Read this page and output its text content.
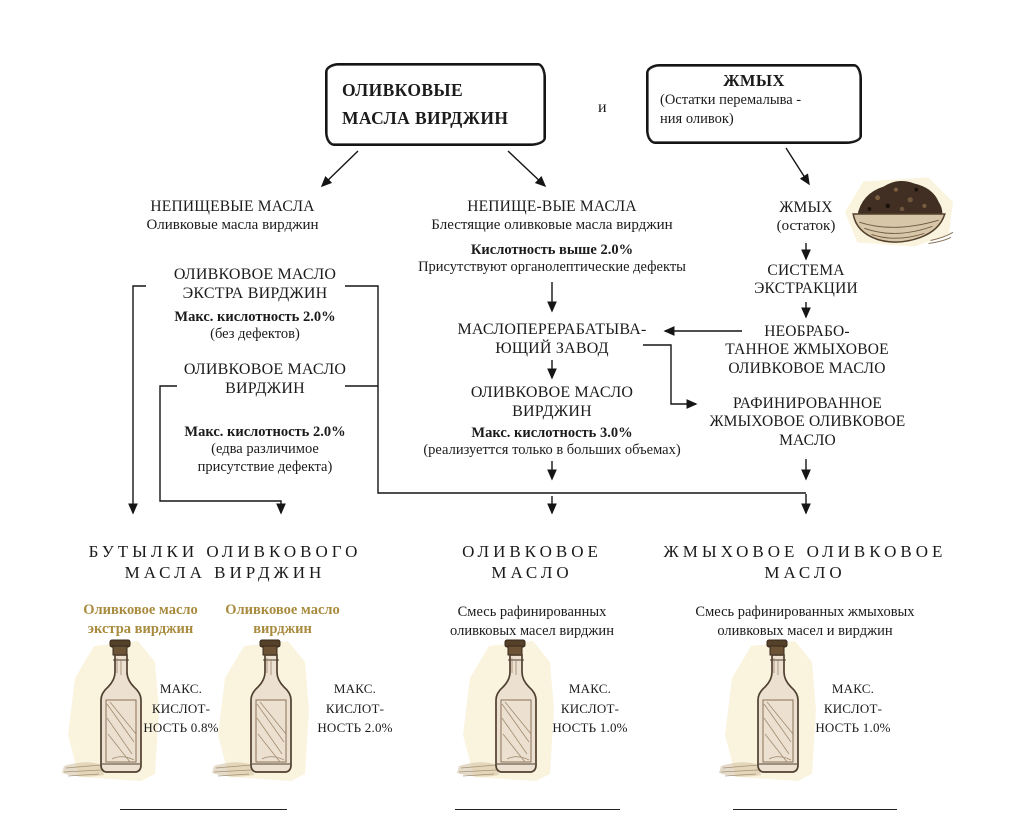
ОЛИВКОВЫЕ
МАСЛА ВИРДЖИН
и
ЖМЫХ
(Остатки перемалыва -
ния оливок)
НЕПИЩЕВЫЕ МАСЛА
Оливковые масла вирджин
НЕПИЩЕ-ВЫЕ МАСЛА
Блестящие оливковые масла вирджин
Кислотность выше 2.0%
Присутствуют органолептические дефекты
ЖМЫХ
(остаток)
ОЛИВКОВОЕ МАСЛО
ЭКСТРА ВИРДЖИН
Макс. кислотность 2.0%
(без дефектов)
ОЛИВКОВОЕ МАСЛО
ВИРДЖИН
Макс. кислотность 2.0%
(едва различимое
присутствие дефекта)
МАСЛОПЕРЕРАБАТЫВА-
ЮЩИЙ ЗАВОД
ОЛИВКОВОЕ МАСЛО
ВИРДЖИН
Макс. кислотность 3.0%
(реализуеттся только в больших объемах)
СИСТЕМА
ЭКСТРАКЦИИ
НЕОБРАБО-
ТАННОЕ ЖМЫХОВОЕ
ОЛИВКОВОЕ МАСЛО
РАФИНИРОВАННОЕ
ЖМЫХОВОЕ ОЛИВКОВОЕ
МАСЛО
БУТЫЛКИ ОЛИВКОВОГО
МАСЛА ВИРДЖИН
ОЛИВКОВОЕ
МАСЛО
ЖМЫХОВОЕ ОЛИВКОВОЕ
МАСЛО
Оливковое масло
экстра вирджин
Оливковое масло
вирджин
Смесь рафинированных
оливковых масел вирджин
Смесь рафинированных жмыховых
оливковых масел и вирджин
МАКС.
КИСЛОТ-
НОСТЬ 0.8%
МАКС.
КИСЛОТ-
НОСТЬ 2.0%
МАКС.
КИСЛОТ-
НОСТЬ 1.0%
МАКС.
КИСЛОТ-
НОСТЬ 1.0%
